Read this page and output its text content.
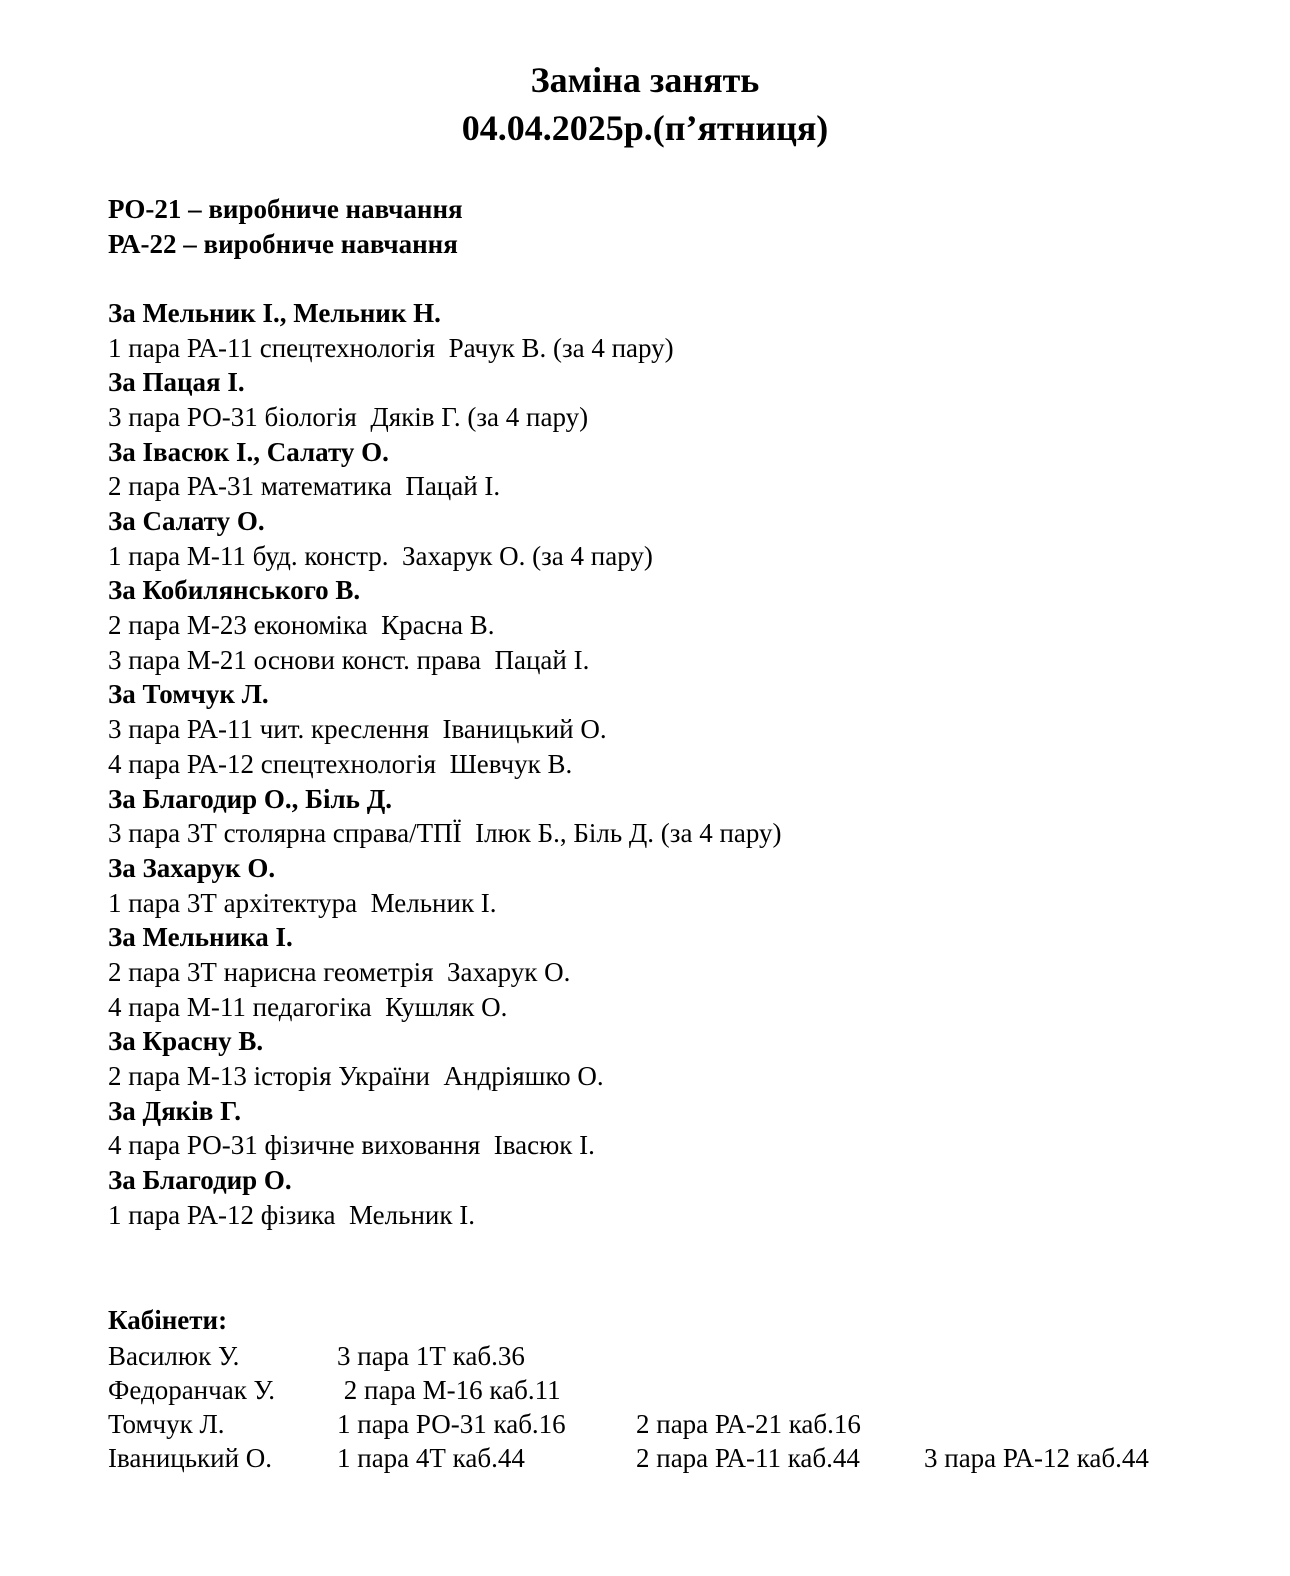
Заміна занять
04.04.2025р.(п’ятниця)
РО-21 – виробниче навчання
РА-22 – виробниче навчання
За Мельник І., Мельник Н.
1 пара РА-11 спецтехнологія  Рачук В. (за 4 пару)
За Пацая І.
3 пара РО-31 біологія  Дяків Г. (за 4 пару)
За Івасюк І., Салату О.
2 пара РА-31 математика  Пацай І.
За Салату О.
1 пара М-11 буд. констр.  Захарук О. (за 4 пару)
За Кобилянського В.
2 пара М-23 економіка  Красна В.
3 пара М-21 основи конст. права  Пацай І.
За Томчук Л.
3 пара РА-11 чит. креслення  Іваницький О.
4 пара РА-12 спецтехнологія  Шевчук В.
За Благодир О., Біль Д.
3 пара 3Т столярна справа/ТПЇ  Ілюк Б., Біль Д. (за 4 пару)
За Захарук О.
1 пара 3Т архітектура  Мельник І.
За Мельника І.
2 пара 3Т нарисна геометрія  Захарук О.
4 пара М-11 педагогіка  Кушляк О.
За Красну В.
2 пара М-13 історія України  Андріяшко О.
За Дяків Г.
4 пара РО-31 фізичне виховання  Івасюк І.
За Благодир О.
1 пара РА-12 фізика  Мельник І.
Кабінети:
Василюк У.	3 пара 1Т каб.36
Федоранчак У. 2 пара М-16 каб.11
Томчук Л.	1 пара РО-31 каб.16	2 пара РА-21 каб.16
Іваницький О. 1 пара 4Т каб.44	2 пара РА-11 каб.44 3 пара РА-12 каб.44
